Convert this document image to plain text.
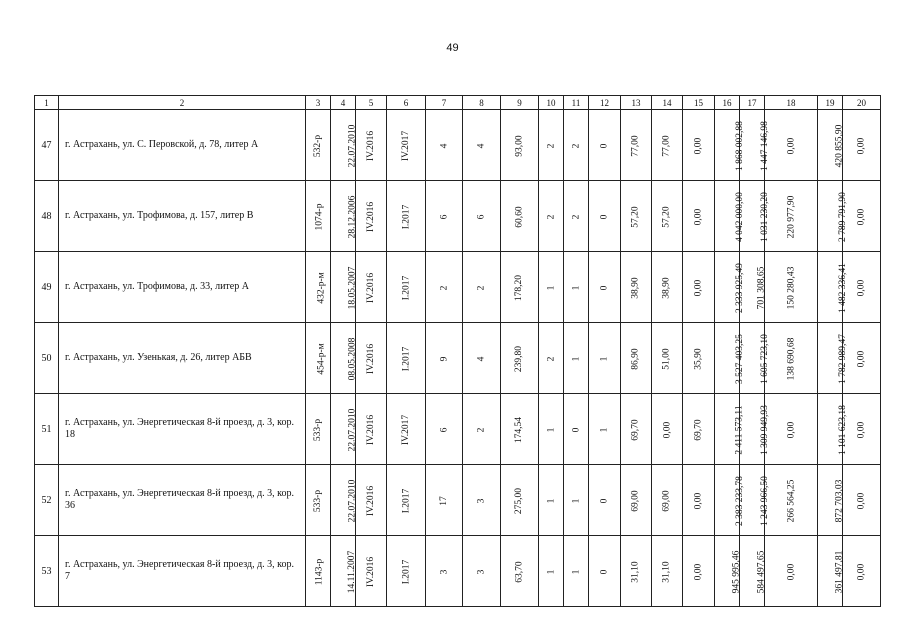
49
1	2	3	4	5	6	7	8	9	10	11	12	13	14	15	16	17	18	19	20
47	г. Астрахань, ул. С. Перовской, д. 78, литер А	532-р	22.07.2010	IV.2016	IV.2017	4	4	93,00	2	2	0	77,00	77,00	0,00	1 868 002,88	1 447 146,98	0,00	420 855,90	0,00
48	г. Астрахань, ул. Трофимова, д. 157, литер В	1074-р	28.12.2006	IV.2016	I.2017	6	6	60,60	2	2	0	57,20	57,20	0,00	4 042 000,00	1 031 230,20	220 977,90	2 789 791,90	0,00
49	г. Астрахань, ул. Трофимова, д. 33, литер А	432-р-м	18.05.2007	IV.2016	I.2017	2	2	178,20	1	1	0	38,90	38,90	0,00	2 333 925,49	701 308,65	150 280,43	1 482 336,41	0,00
50	г. Астрахань, ул. Узенькая, д. 26, литер АБВ	454-р-м	08.05.2008	IV.2016	I.2017	9	4	239,80	2	1	1	86,90	51,00	35,90	3 527 403,25	1 605 723,10	138 690,68	1 782 989,47	0,00
51	г. Астрахань, ул. Энергетическая 8-й проезд, д. 3, кор. 18	533-р	22.07.2010	IV.2016	IV.2017	6	2	174,54	1	0	1	69,70	0,00	69,70	2 411 573,11	1 309 949,93	0,00	1 101 623,18	0,00
52	г. Астрахань, ул. Энергетическая 8-й проезд, д. 3, кор. 36	533-р	22.07.2010	IV.2016	I.2017	17	3	275,00	1	1	0	69,00	69,00	0,00	2 383 233,78	1 243 966,50	266 564,25	872 703,03	0,00
53	г. Астрахань, ул. Энергетическая 8-й проезд, д. 3, кор. 7	1143-р	14.11.2007	IV.2016	I.2017	3	3	63,70	1	1	0	31,10	31,10	0,00	945 995,46	584 497,65	0,00	361 497,81	0,00
